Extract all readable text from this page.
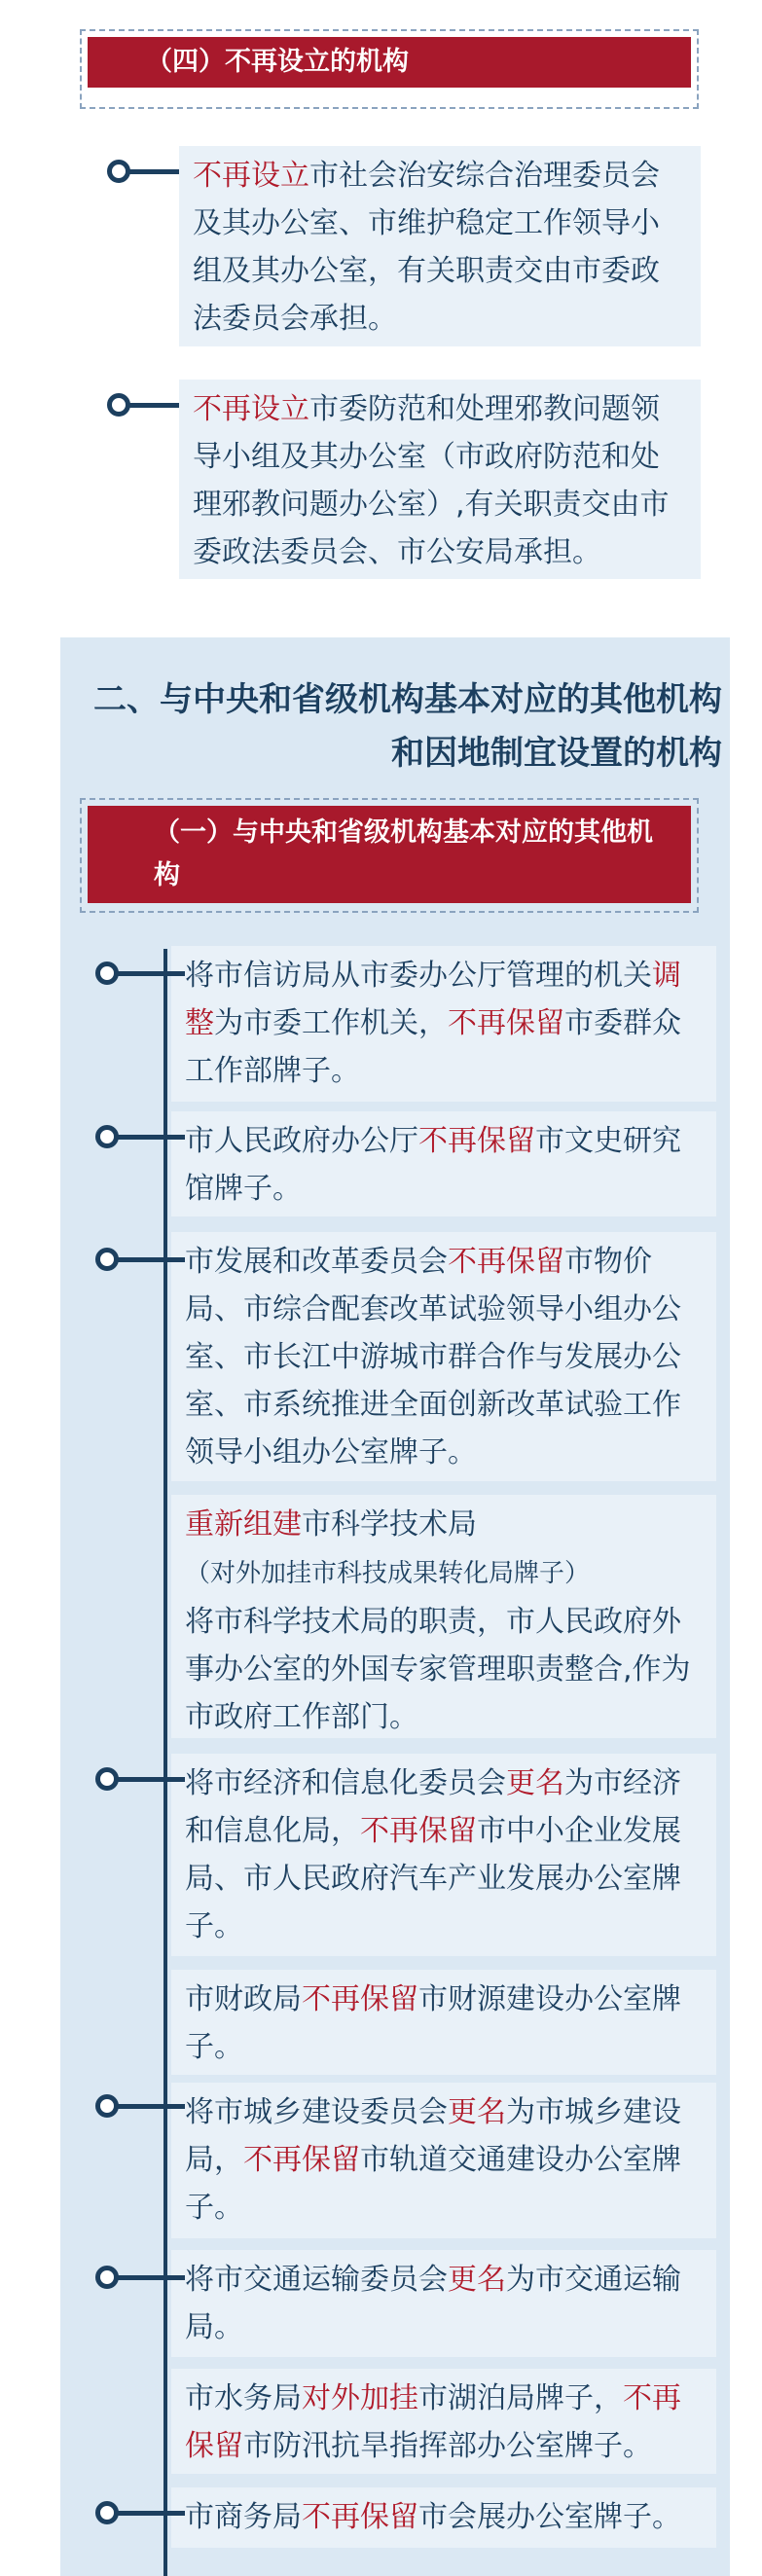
（四）不再设立的机构
不再设立市社会治安综合治理委员会及其办公室、市维护稳定工作领导小组及其办公室，有关职责交由市委政法委员会承担。
不再设立市委防范和处理邪教问题领导小组及其办公室（市政府防范和处理邪教问题办公室）,有关职责交由市委政法委员会、市公安局承担。
二、与中央和省级机构基本对应的其他机构和因地制宜设置的机构
（一）与中央和省级机构基本对应的其他机构
将市信访局从市委办公厅管理的机关调整为市委工作机关，不再保留市委群众工作部牌子。
市人民政府办公厅不再保留市文史研究馆牌子。
市发展和改革委员会不再保留市物价局、市综合配套改革试验领导小组办公室、市长江中游城市群合作与发展办公室、市系统推进全面创新改革试验工作领导小组办公室牌子。
重新组建市科学技术局
（对外加挂市科技成果转化局牌子）
将市科学技术局的职责，市人民政府外事办公室的外国专家管理职责整合,作为市政府工作部门。
将市经济和信息化委员会更名为市经济和信息化局，不再保留市中小企业发展局、市人民政府汽车产业发展办公室牌子。
市财政局不再保留市财源建设办公室牌子。
将市城乡建设委员会更名为市城乡建设局，不再保留市轨道交通建设办公室牌子。
将市交通运输委员会更名为市交通运输局。
市水务局对外加挂市湖泊局牌子，不再保留市防汛抗旱指挥部办公室牌子。
市商务局不再保留市会展办公室牌子。
